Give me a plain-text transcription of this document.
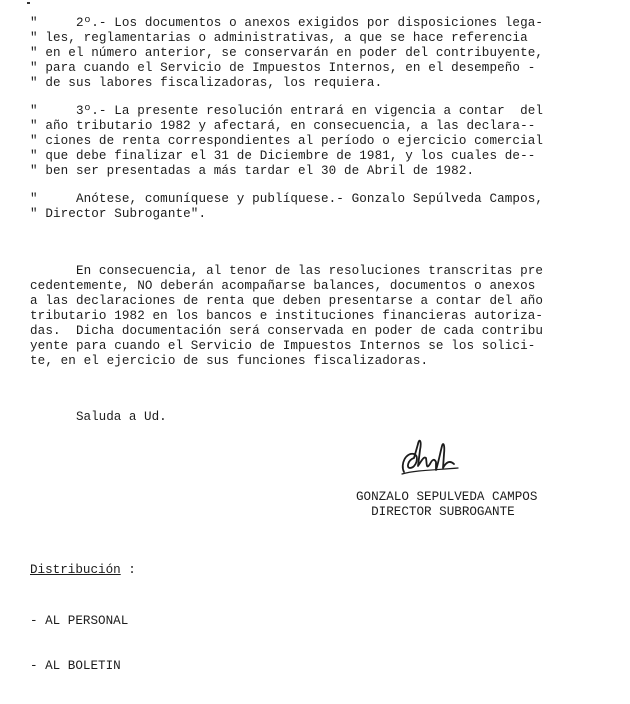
"     2º.- Los documentos o anexos exigidos por disposiciones lega-
" les, reglamentarias o administrativas, a que se hace referencia
" en el número anterior, se conservarán en poder del contribuyente,
" para cuando el Servicio de Impuestos Internos, en el desempeño -
" de sus labores fiscalizadoras, los requiera.
"     3º.- La presente resolución entrará en vigencia a contar  del
" año tributario 1982 y afectará, en consecuencia, a las declara--
" ciones de renta correspondientes al período o ejercicio comercial
" que debe finalizar el 31 de Diciembre de 1981, y los cuales de--
" ben ser presentadas a más tardar el 30 de Abril de 1982.
"     Anótese, comuníquese y publíquese.- Gonzalo Sepúlveda Campos,
" Director Subrogante".
En consecuencia, al tenor de las resoluciones transcritas pre
cedentemente, NO deberán acompañarse balances, documentos o anexos
a las declaraciones de renta que deben presentarse a contar del año
tributario 1982 en los bancos e instituciones financieras autoriza-
das.  Dicha documentación será conservada en poder de cada contribu
yente para cuando el Servicio de Impuestos Internos se los solici-
te, en el ejercicio de sus funciones fiscalizadoras.
Saluda a Ud.
GONZALO SEPULVEDA CAMPOS
DIRECTOR SUBROGANTE
Distribución :

- AL PERSONAL

- AL BOLETIN
